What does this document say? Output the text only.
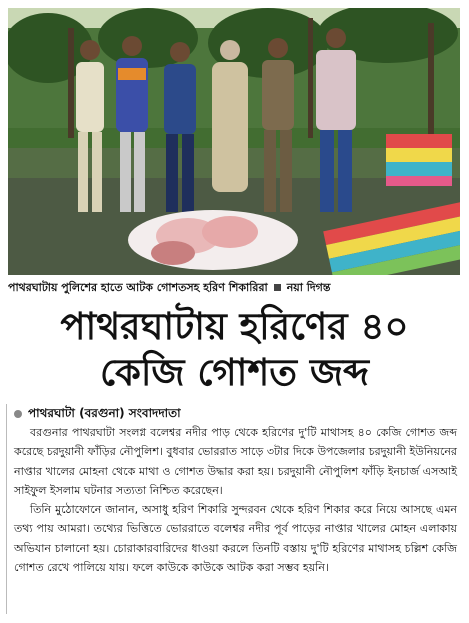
পাথরঘাটায় পুলিশের হাতে আটক গোশতসহ হরিণ শিকারিরা নয়া দিগন্ত
পাথরঘাটায় হরিণের ৪০
কেজি গোশত জব্দ
পাথরঘাটা (বরগুনা) সংবাদদাতা

বরগুনার পাথরঘাটা সংলগ্ন বলেশ্বর নদীর পাড় থেকে হরিণের দু'টি মাথাসহ ৪০ কেজি গোশত জব্দ করেছে চরদুয়ানী ফাঁড়ির নৌপুলিশ। বুধবার ভোররাত সাড়ে ৩টার দিকে উপজেলার চরদুয়ানী ইউনিয়নের নাপ্তার খালের মোহনা থেকে মাথা ও গোশত উদ্ধার করা হয়। চরদুয়ানী নৌপুলিশ ফাঁড়ি ইনচার্জ এসআই সাইফুল ইসলাম ঘটনার সত্যতা নিশ্চিত করেছেন।

তিনি মুঠোফোনে জানান, অসাধু হরিণ শিকারি সুন্দরবন থেকে হরিণ শিকার করে নিয়ে আসছে এমন তথ্য পায় আমরা। তথ্যের ভিত্তিতে ভোররাতে বলেশ্বর নদীর পূর্ব পাড়ের নাপ্তার খালের মোহন এলাকায় অভিযান চালানো হয়। চোরাকারবারিদের ধাওয়া করলে তিনটি বস্তায় দু'টি হরিণের মাথাসহ চল্লিশ কেজি গোশত রেখে পালিয়ে যায়। ফলে কাউকে কাউকে আটক করা সম্ভব হয়নি।
